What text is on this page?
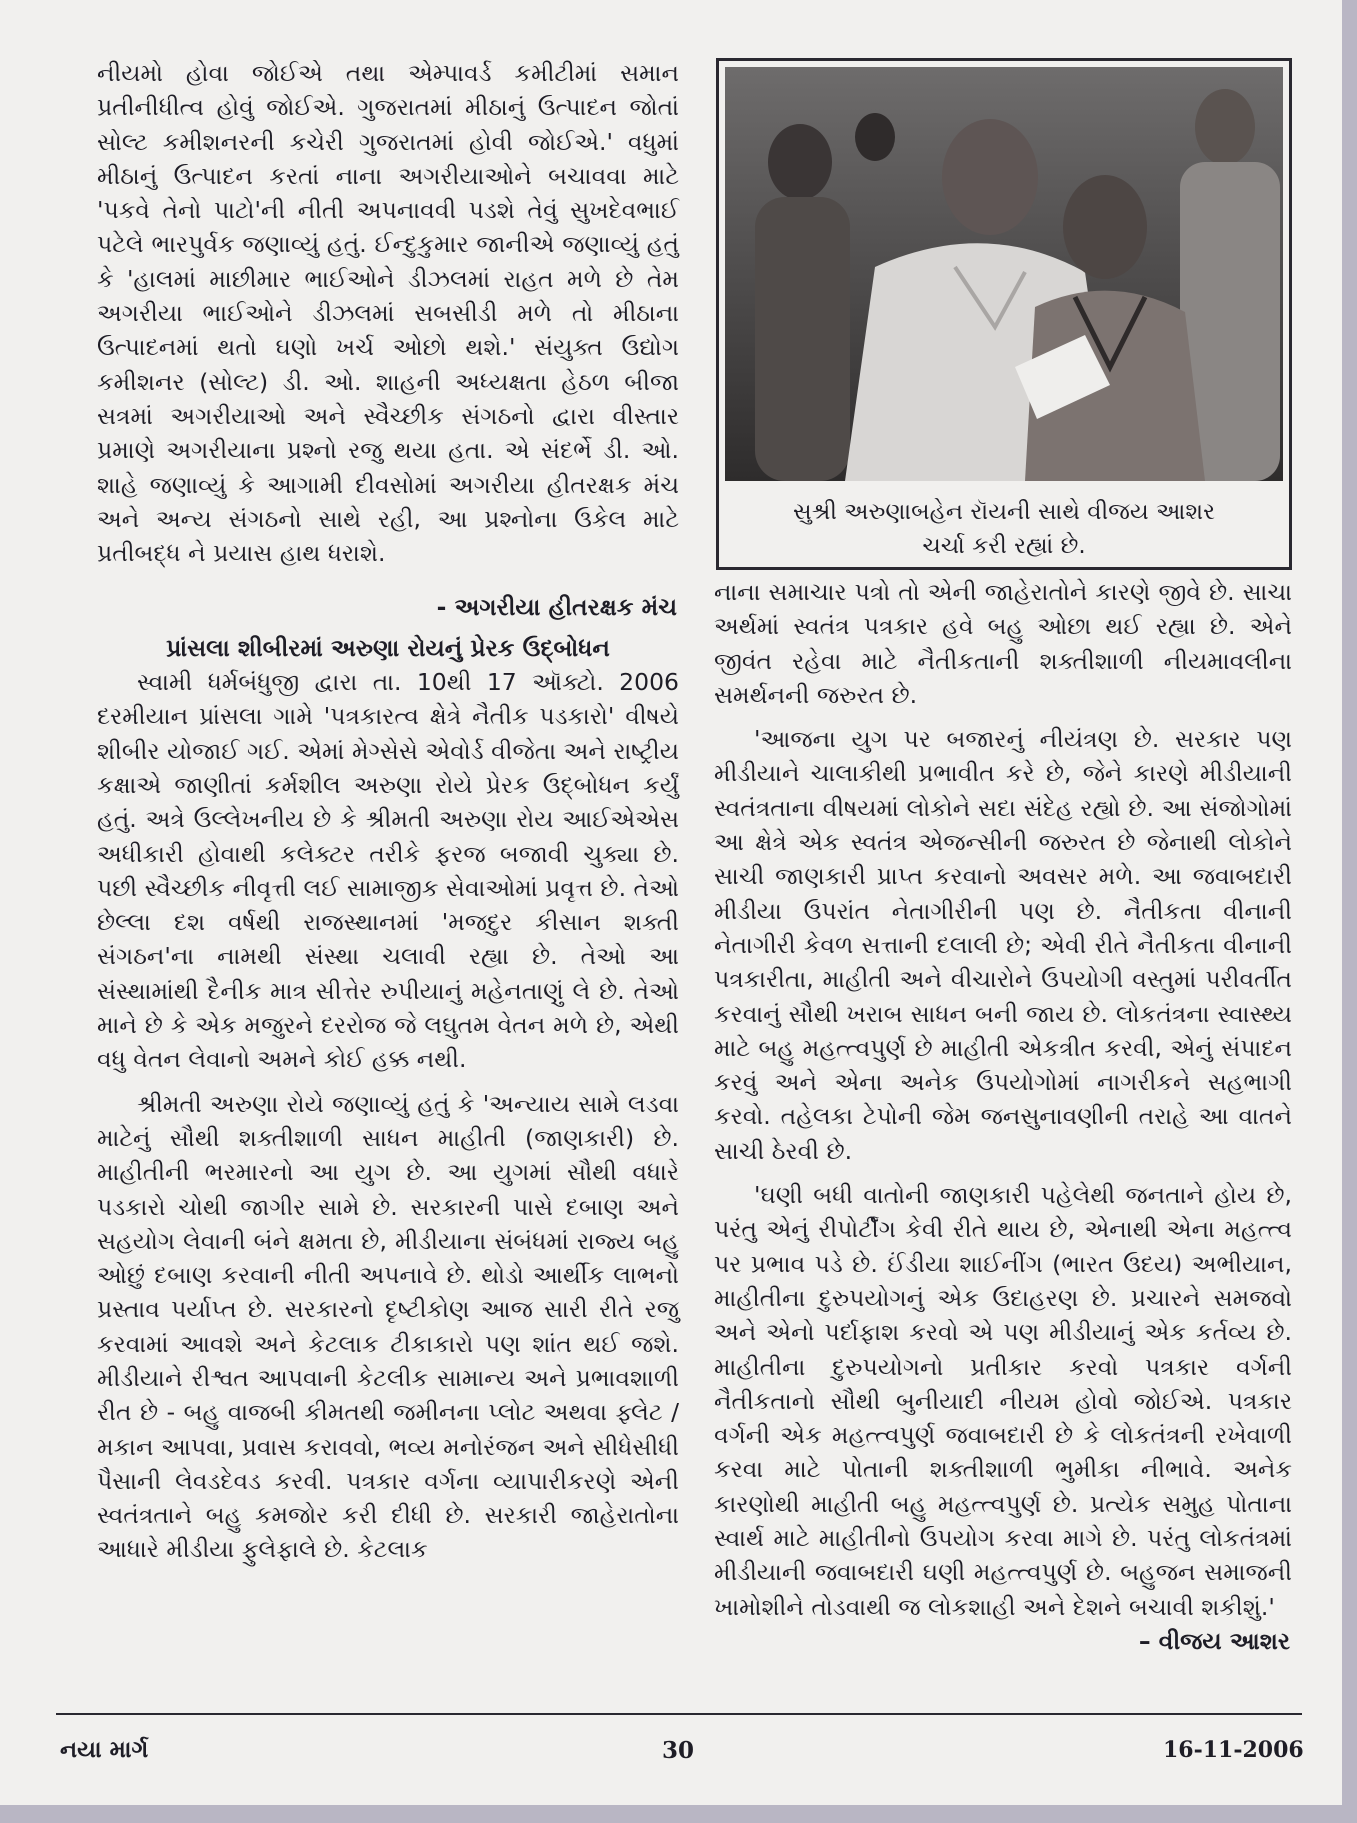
નીયમો હોવા જોઈએ તથા એમ્પાવર્ડ કમીટીમાં સમાન પ્રતીનીધીત્વ હોવું જોઈએ. ગુજરાતમાં મીઠાનું ઉત્પાદન જોતાં સોલ્ટ કમીશનરની કચેરી ગુજરાતમાં હોવી જોઈએ.' વધુમાં મીઠાનું ઉત્પાદન કરતાં નાના અગરીયાઓને બચાવવા માટે 'પકવે તેનો પાટો'ની નીતી અપનાવવી પડશે તેવું સુખદેવભાઈ પટેલે ભારપુર્વક જણાવ્યું હતું. ઈન્દુકુમાર જાનીએ જણાવ્યું હતું કે 'હાલમાં માછીમાર ભાઈઓને ડીઝલમાં રાહત મળે છે તેમ અગરીયા ભાઈઓને ડીઝલમાં સબસીડી મળે તો મીઠાના ઉત્પાદનમાં થતો ઘણો ખર્ચ ઓછો થશે.' સંયુક્ત ઉદ્યોગ કમીશનર (સોલ્ટ) ડી. ઓ. શાહની અધ્યક્ષતા હેઠળ બીજા સત્રમાં અગરીયાઓ અને સ્વૈચ્છીક સંગઠનો દ્વારા વીસ્તાર પ્રમાણે અગરીયાના પ્રશ્નો રજુ થયા હતા. એ સંદર્ભે ડી. ઓ. શાહે જણાવ્યું કે આગામી દીવસોમાં અગરીયા હીતરક્ષક મંચ અને અન્ય સંગઠનો સાથે રહી, આ પ્રશ્નોના ઉકેલ માટે પ્રતીબદ્ધ ને પ્રયાસ હાથ ધરાશે.

- અગરીયા હીતરક્ષક મંચ

પ્રાંસલા શીબીરમાં અરુણા રોયનું પ્રેરક ઉદ્‌બોધન

સ્વામી ધર્મબંધુજી દ્વારા તા. 10થી 17 ઑક્ટો. 2006 દરમીયાન પ્રાંસલા ગામે 'પત્રકારત્વ ક્ષેત્રે નૈતીક પડકારો' વીષયે શીબીર યોજાઈ ગઈ. એમાં મેગ્સેસે એવોર્ડ વીજેતા અને રાષ્ટ્રીય કક્ષાએ જાણીતાં કર્મશીલ અરુણા રોયે પ્રેરક ઉદ્‌બોધન કર્યું હતું. અત્રે ઉલ્લેખનીય છે કે શ્રીમતી અરુણા રોય આઈએએસ અધીકારી હોવાથી કલેક્ટર તરીકે ફરજ બજાવી ચુક્યા છે. પછી સ્વૈચ્છીક નીવૃત્તી લઈ સામાજીક સેવાઓમાં પ્રવૃત્ત છે. તેઓ છેલ્લા દશ વર્ષથી રાજસ્થાનમાં 'મજદુર કીસાન શક્તી સંગઠન'ના નામથી સંસ્થા ચલાવી રહ્યા છે. તેઓ આ સંસ્થામાંથી દૈનીક માત્ર સીત્તેર રુપીયાનું મહેનતાણું લે છે. તેઓ માને છે કે એક મજુરને દરરોજ જે લઘુતમ વેતન મળે છે, એથી વધુ વેતન લેવાનો અમને કોઈ હક્ક નથી.

શ્રીમતી અરુણા રોયે જણાવ્યું હતું કે 'અન્યાય સામે લડવા માટેનું સૌથી શક્તીશાળી સાધન માહીતી (જાણકારી) છે. માહીતીની ભરમારનો આ યુગ છે. આ યુગમાં સૌથી વધારે પડકારો ચોથી જાગીર સામે છે. સરકારની પાસે દબાણ અને સહયોગ લેવાની બંને ક્ષમતા છે, મીડીયાના સંબંધમાં રાજ્ય બહુ ઓછું દબાણ કરવાની નીતી અપનાવે છે. થોડો આર્થીક લાભનો પ્રસ્તાવ પર્યાપ્ત છે. સરકારનો દૃષ્ટીકોણ આજ સારી રીતે રજુ કરવામાં આવશે અને કેટલાક ટીકાકારો પણ શાંત થઈ જશે. મીડીયાને રીશ્વત આપવાની કેટલીક સામાન્ય અને પ્રભાવશાળી રીત છે - બહુ વાજબી કીમતથી જમીનના પ્લોટ અથવા ફ્લેટ / મકાન આપવા, પ્રવાસ કરાવવો, ભવ્ય મનોરંજન અને સીધેસીધી પૈસાની લેવડદેવડ કરવી. પત્રકાર વર્ગના વ્યાપારીકરણે એની સ્વતંત્રતાને બહુ કમજોર કરી દીધી છે. સરકારી જાહેરાતોના આધારે મીડીયા ફુલેફાલે છે. કેટલાક

સુશ્રી અરુણાબહેન રૉયની સાથે વીજય આશર
ચર્ચા કરી રહ્યાં છે.

નાના સમાચાર પત્રો તો એની જાહેરાતોને કારણે જીવે છે. સાચા અર્થમાં સ્વતંત્ર પત્રકાર હવે બહુ ઓછા થઈ રહ્યા છે. એને જીવંત રહેવા માટે નૈતીકતાની શક્તીશાળી નીયમાવલીના સમર્થનની જરુરત છે.

'આજના યુગ પર બજારનું નીયંત્રણ છે. સરકાર પણ મીડીયાને ચાલાકીથી પ્રભાવીત કરે છે, જેને કારણે મીડીયાની સ્વતંત્રતાના વીષયમાં લોકોને સદા સંદેહ રહ્યો છે. આ સંજોગોમાં આ ક્ષેત્રે એક સ્વતંત્ર એજન્સીની જરુરત છે જેનાથી લોકોને સાચી જાણકારી પ્રાપ્ત કરવાનો અવસર મળે. આ જવાબદારી મીડીયા ઉપરાંત નેતાગીરીની પણ છે. નૈતીકતા વીનાની નેતાગીરી કેવળ સત્તાની દલાલી છે; એવી રીતે નૈતીકતા વીનાની પત્રકારીતા, માહીતી અને વીચારોને ઉપયોગી વસ્તુમાં પરીવર્તીત કરવાનું સૌથી ખરાબ સાધન બની જાય છે. લોકતંત્રના સ્વાસ્થ્ય માટે બહુ મહત્ત્વપુર્ણ છે માહીતી એકત્રીત કરવી, એનું સંપાદન કરવું અને એના અનેક ઉપયોગોમાં નાગરીકને સહભાગી કરવો. તહેલકા ટેપોની જેમ જનસુનાવણીની તરાહે આ વાતને સાચી ઠેરવી છે.

'ઘણી બધી વાતોની જાણકારી પહેલેથી જનતાને હોય છે, પરંતુ એનું રીપોર્ટીંગ કેવી રીતે થાય છે, એનાથી એના મહત્ત્વ પર પ્રભાવ પડે છે. ઈંડીયા શાઈનીંગ (ભારત ઉદય) અભીયાન, માહીતીના દુરુપયોગનું એક ઉદાહરણ છે. પ્રચારને સમજવો અને એનો પર્દાફાશ કરવો એ પણ મીડીયાનું એક કર્તવ્ય છે. માહીતીના દુરુપયોગનો પ્રતીકાર કરવો પત્રકાર વર્ગની નૈતીકતાનો સૌથી બુનીયાદી નીયમ હોવો જોઈએ. પત્રકાર વર્ગની એક મહત્ત્વપુર્ણ જવાબદારી છે કે લોકતંત્રની રખેવાળી કરવા માટે પોતાની શક્તીશાળી ભુમીકા નીભાવે. અનેક કારણોથી માહીતી બહુ મહત્ત્વપુર્ણ છે. પ્રત્યેક સમુહ પોતાના સ્વાર્થ માટે માહીતીનો ઉપયોગ કરવા માગે છે. પરંતુ લોકતંત્રમાં મીડીયાની જવાબદારી ઘણી મહત્ત્વપુર્ણ છે. બહુજન સમાજની ખામોશીને તોડવાથી જ લોકશાહી અને દેશને બચાવી શકીશું.'

– વીજય આશર

નયા માર્ગ	30	16-11-2006
